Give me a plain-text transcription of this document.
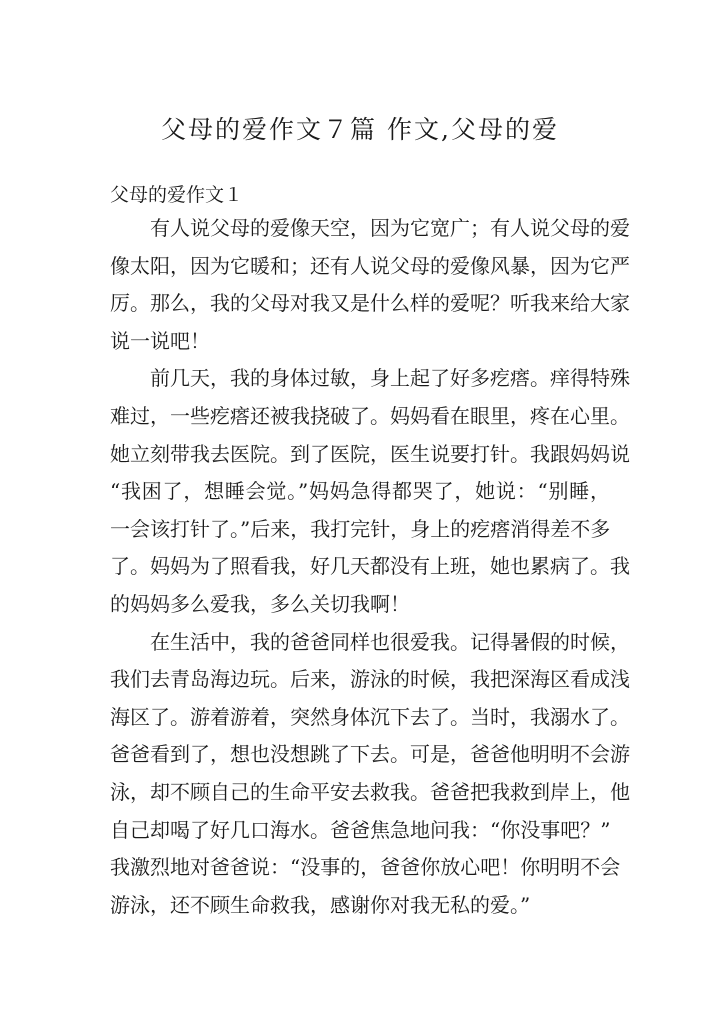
父母的爱作文７篇 作文,父母的爱
父母的爱作文１

有人说父母的爱像天空，因为它宽广；有人说父母的爱
像太阳，因为它暖和；还有人说父母的爱像风暴，因为它严
厉。那么，我的父母对我又是什么样的爱呢？听我来给大家
说一说吧！

前几天，我的身体过敏，身上起了好多疙瘩。痒得特殊
难过，一些疙瘩还被我挠破了。妈妈看在眼里，疼在心里。
她立刻带我去医院。到了医院，医生说要打针。我跟妈妈说
“我困了，想睡会觉。”妈妈急得都哭了，她说：“别睡，
一会该打针了。”后来，我打完针，身上的疙瘩消得差不多
了。妈妈为了照看我，好几天都没有上班，她也累病了。我
的妈妈多么爱我，多么关切我啊！

在生活中，我的爸爸同样也很爱我。记得暑假的时候，
我们去青岛海边玩。后来，游泳的时候，我把深海区看成浅
海区了。游着游着，突然身体沉下去了。当时，我溺水了。
爸爸看到了，想也没想跳了下去。可是，爸爸他明明不会游
泳，却不顾自己的生命平安去救我。爸爸把我救到岸上，他
自己却喝了好几口海水。爸爸焦急地问我：“你没事吧？”
我激烈地对爸爸说：“没事的，爸爸你放心吧！你明明不会
游泳，还不顾生命救我，感谢你对我无私的爱。”
